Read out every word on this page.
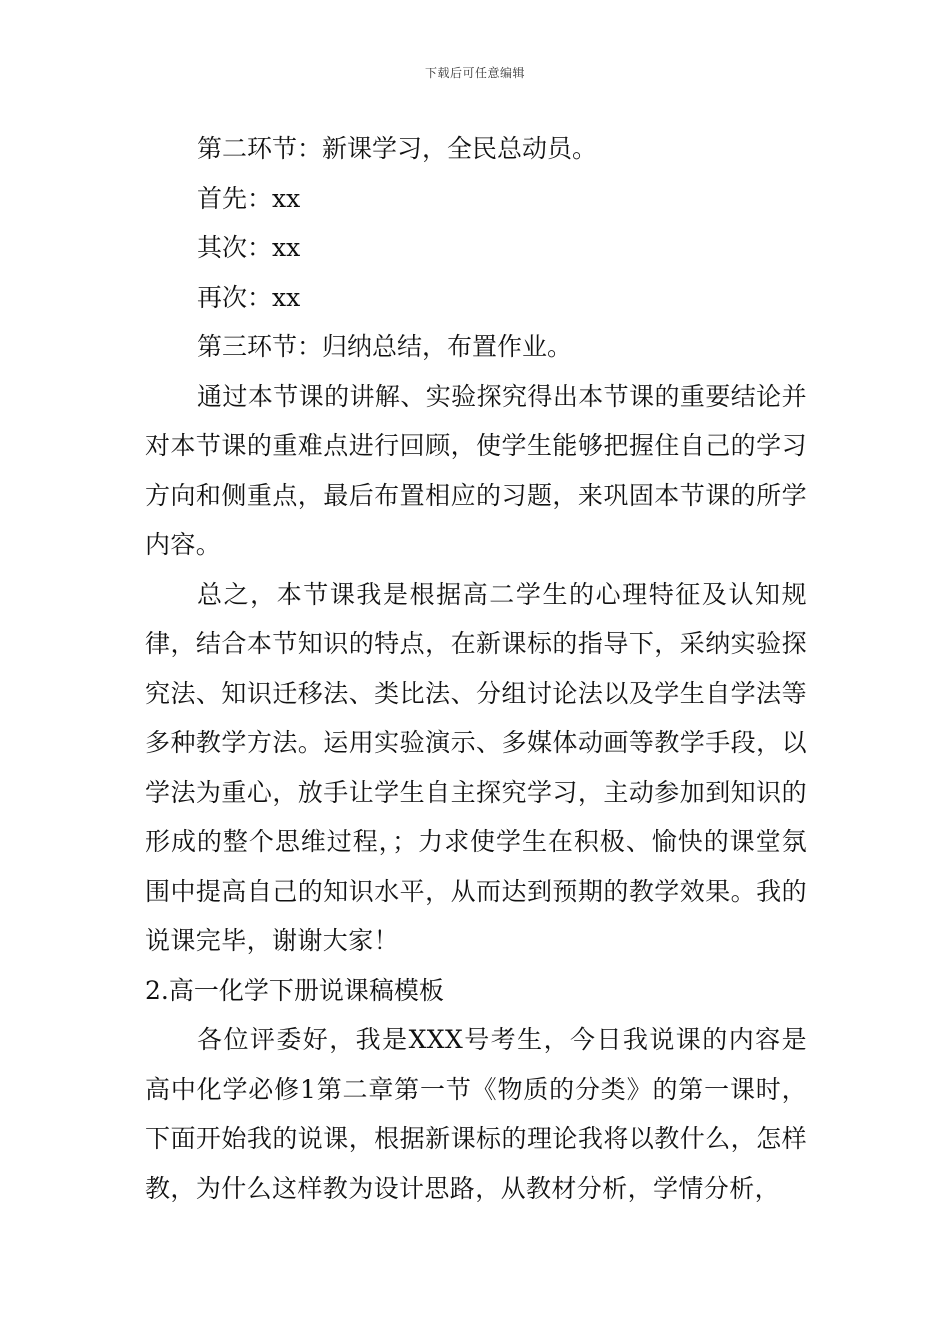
下载后可任意编辑

第二环节：新课学习，全民总动员。

首先：xx

其次：xx

再次：xx

第三环节：归纳总结，布置作业。

通过本节课的讲解、实验探究得出本节课的重要结论并对本节课的重难点进行回顾，使学生能够把握住自己的学习方向和侧重点，最后布置相应的习题，来巩固本节课的所学内容。

总之，本节课我是根据高二学生的心理特征及认知规律，结合本节知识的特点，在新课标的指导下，采纳实验探究法、知识迁移法、类比法、分组讨论法以及学生自学法等多种教学方法。运用实验演示、多媒体动画等教学手段，以学法为重心，放手让学生自主探究学习，主动参加到知识的形成的整个思维过程，；力求使学生在积极、愉快的课堂氛围中提高自己的知识水平，从而达到预期的教学效果。我的说课完毕，谢谢大家！

2.高一化学下册说课稿模板

各位评委好，我是XXX号考生，今日我说课的内容是高中化学必修1第二章第一节《物质的分类》的第一课时，下面开始我的说课，根据新课标的理论我将以教什么，怎样教，为什么这样教为设计思路，从教材分析，学情分析，
